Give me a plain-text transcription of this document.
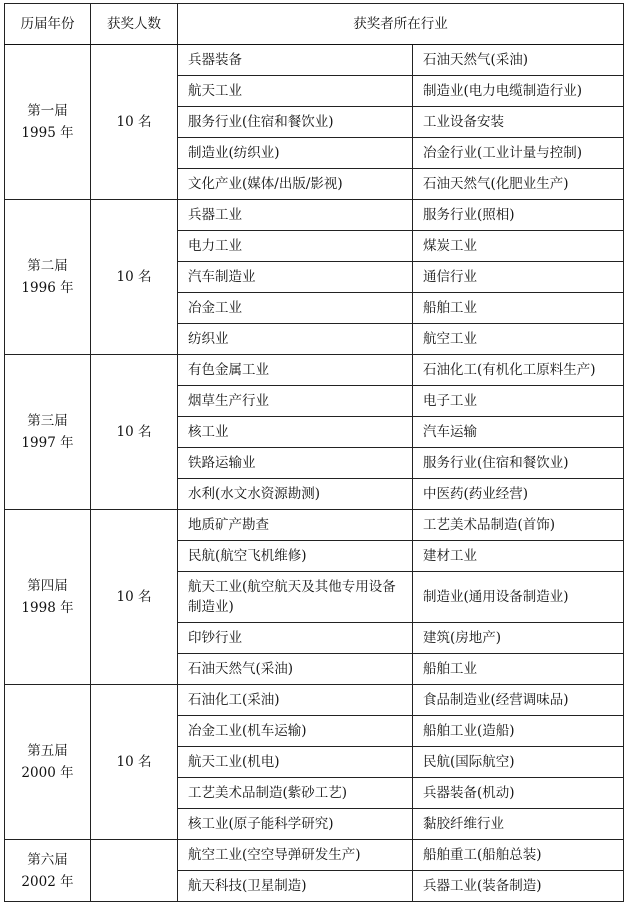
历届年份	获奖人数	获奖者所在行业	

第一届
1995 年	10 名	兵器装备	石油天然气(采油)
		航天工业	制造业(电力电缆制造行业)
		服务行业(住宿和餐饮业)	工业设备安装
		制造业(纺织业)	冶金行业(工业计量与控制)
		文化产业(媒体/出版/影视)	石油天然气(化肥业生产)

第二届
1996 年	10 名	兵器工业	服务行业(照相)
		电力工业	煤炭工业
		汽车制造业	通信行业
		冶金工业	船舶工业
		纺织业	航空工业

第三届
1997 年	10 名	有色金属工业	石油化工(有机化工原料生产)
		烟草生产行业	电子工业
		核工业	汽车运输
		铁路运输业	服务行业(住宿和餐饮业)
		水利(水文水资源勘测)	中医药(药业经营)

第四届
1998 年	10 名	地质矿产勘查	工艺美术品制造(首饰)
		民航(航空飞机维修)	建材工业
		航天工业(航空航天及其他专用设备制造业)	制造业(通用设备制造业)
		印钞行业	建筑(房地产)
		石油天然气(采油)	船舶工业

第五届
2000 年	10 名	石油化工(采油)	食品制造业(经营调味品)
		冶金工业(机车运输)	船舶工业(造船)
		航天工业(机电)	民航(国际航空)
		工艺美术品制造(紫砂工艺)	兵器装备(机动)
		核工业(原子能科学研究)	黏胶纤维行业

第六届
2002 年		航空工业(空空导弹研发生产)	船舶重工(船舶总装)
		航天科技(卫星制造)	兵器工业(装备制造)
